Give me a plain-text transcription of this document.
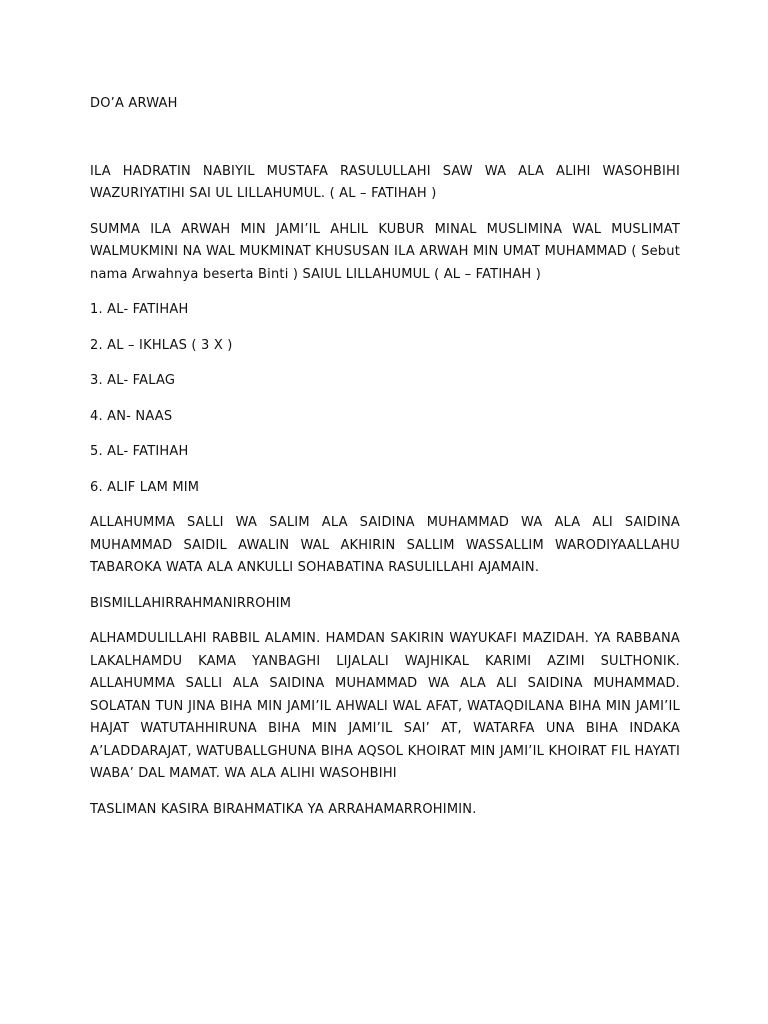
DO’A ARWAH

ILA HADRATIN NABIYIL MUSTAFA RASULULLAHI SAW WA ALA ALIHI WASOHBIHI WAZURIYATIHI SAI UL LILLAHUMUL. ( AL – FATIHAH )

SUMMA ILA ARWAH MIN JAMI’IL AHLIL KUBUR MINAL MUSLIMINA WAL MUSLIMAT WALMUKMINI NA WAL MUKMINAT KHUSUSAN ILA ARWAH MIN UMAT MUHAMMAD ( Sebut nama Arwahnya beserta Binti ) SAIUL LILLAHUMUL ( AL – FATIHAH )

1. AL- FATIHAH

2. AL – IKHLAS ( 3 X )

3. AL- FALAG

4. AN- NAAS

5. AL- FATIHAH

6. ALIF LAM MIM

ALLAHUMMA SALLI WA SALIM ALA SAIDINA MUHAMMAD WA ALA ALI SAIDINA MUHAMMAD SAIDIL AWALIN WAL AKHIRIN SALLIM WASSALLIM WARODIYAALLAHU TABAROKA WATA ALA ANKULLI SOHABATINA RASULILLAHI AJAMAIN.

BISMILLAHIRRAHMANIRROHIM

ALHAMDULILLAHI RABBIL ALAMIN. HAMDAN SAKIRIN WAYUKAFI MAZIDAH. YA RABBANA LAKALHAMDU KAMA YANBAGHI LIJALALI WAJHIKAL KARIMI AZIMI SULTHONIK. ALLAHUMMA SALLI ALA SAIDINA MUHAMMAD WA ALA ALI SAIDINA MUHAMMAD. SOLATAN TUN JINA BIHA MIN JAMI’IL AHWALI WAL AFAT, WATAQDILANA BIHA MIN JAMI’IL HAJAT WATUTAHHIRUNA BIHA MIN JAMI’IL SAI’ AT, WATARFA UNA BIHA INDAKA A’LADDARAJAT, WATUBALLGHUNA BIHA AQSOL KHOIRAT MIN JAMI’IL KHOIRAT FIL HAYATI WABA’ DAL MAMAT. WA ALA ALIHI WASOHBIHI

TASLIMAN KASIRA BIRAHMATIKA YA ARRAHAMARROHIMIN.
